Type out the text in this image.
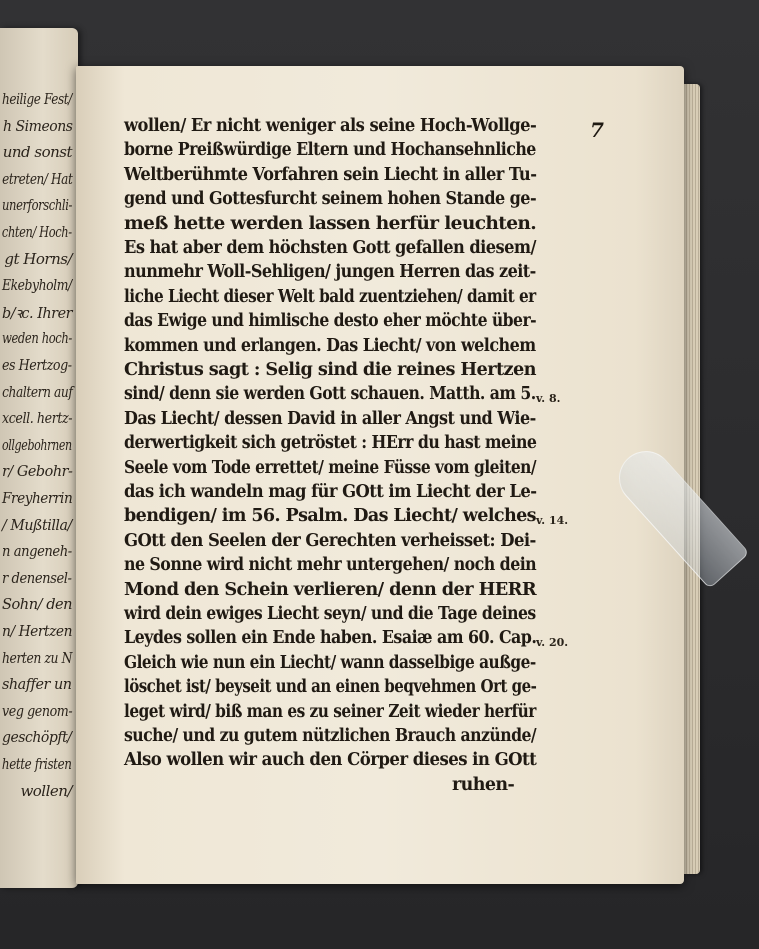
heilige Fest/
h Simeons
und sonst
etreten/ Hat
unerforschli-
chten/ Hoch-
gt Horns/
Ekebyholm/
b/ꝛc. Ihrer
weden hoch-
es Hertzog-
chaltern auf
xcell. hertz-
ollgebohrnen
r/ Gebohr-
Freyherrin
/ Mußtilla/
n angeneh-
r denensel-
Sohn/ den
n/ Hertzen
herten zu N
shaffer un
veg genom-
geschöpft/
hette fristen
wollen/
7
wollen/ Er nicht weniger als seine Hoch-Wollge-
borne Preißwürdige Eltern und Hochansehnliche
Weltberühmte Vorfahren sein Liecht in aller Tu-
gend und Gottesfurcht seinem hohen Stande ge-
meß hette werden lassen herfür leuchten.
Es hat aber dem höchsten Gott gefallen diesem/
nunmehr Woll-Sehligen/ jungen Herren das zeit-
liche Liecht dieser Welt bald zuentziehen/ damit er
das Ewige und himlische desto eher möchte über-
kommen und erlangen. Das Liecht/ von welchem
Christus sagt : Selig sind die reines Hertzen
sind/ denn sie werden Gott schauen. Matth. am 5.
Das Liecht/ dessen David in aller Angst und Wie-
derwertigkeit sich getröstet : HErr du hast meine
Seele vom Tode errettet/ meine Füsse vom gleiten/
das ich wandeln mag für GOtt im Liecht der Le-
bendigen/ im 56. Psalm. Das Liecht/ welches
GOtt den Seelen der Gerechten verheisset: Dei-
ne Sonne wird nicht mehr untergehen/ noch dein
Mond den Schein verlieren/ denn der HERR
wird dein ewiges Liecht seyn/ und die Tage deines
Leydes sollen ein Ende haben. Esaiæ am 60. Cap.
Gleich wie nun ein Liecht/ wann dasselbige außge-
löschet ist/ beyseit und an einen beqvehmen Ort ge-
leget wird/ biß man es zu seiner Zeit wieder herfür
suche/ und zu gutem nützlichen Brauch anzünde/
Also wollen wir auch den Cörper dieses in GOtt
ruhen-
v. 8.
v. 14.
v. 20.
